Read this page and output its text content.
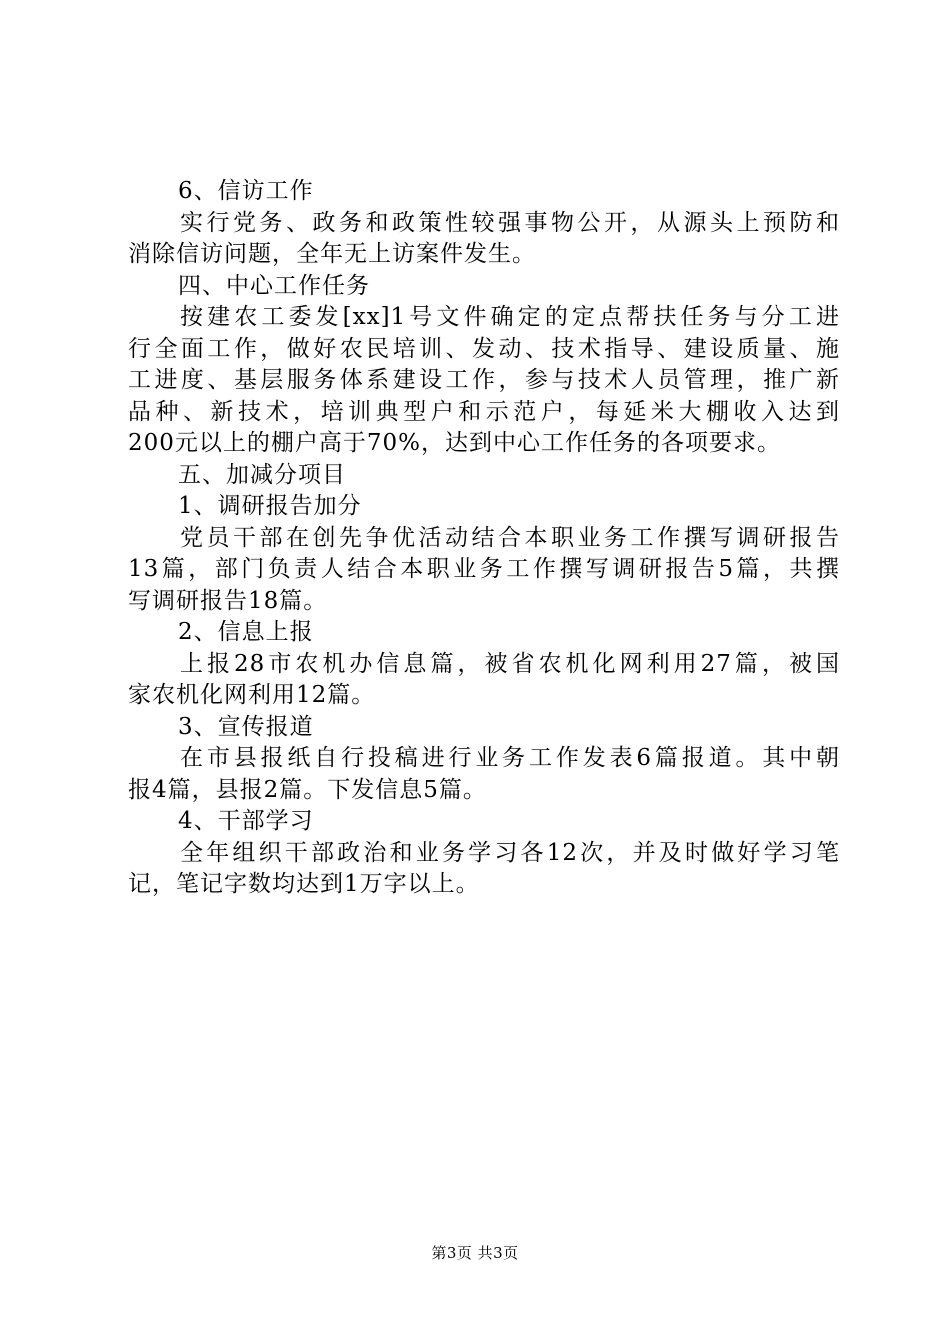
6、信访工作
实行党务、政务和政策性较强事物公开，从源头上预防和
消除信访问题，全年无上访案件发生。
四、中心工作任务
按建农工委发[xx]1号文件确定的定点帮扶任务与分工进
行全面工作，做好农民培训、发动、技术指导、建设质量、施
工进度、基层服务体系建设工作，参与技术人员管理，推广新
品种、新技术，培训典型户和示范户，每延米大棚收入达到
200元以上的棚户高于70%，达到中心工作任务的各项要求。
五、加减分项目
1、调研报告加分
党员干部在创先争优活动结合本职业务工作撰写调研报告
13篇，部门负责人结合本职业务工作撰写调研报告5篇，共撰
写调研报告18篇。
2、信息上报
上报28市农机办信息篇，被省农机化网利用27篇，被国
家农机化网利用12篇。
3、宣传报道
在市县报纸自行投稿进行业务工作发表6篇报道。其中朝
报4篇，县报2篇。下发信息5篇。
4、干部学习
全年组织干部政治和业务学习各12次，并及时做好学习笔
记，笔记字数均达到1万字以上。
第3页 共3页
